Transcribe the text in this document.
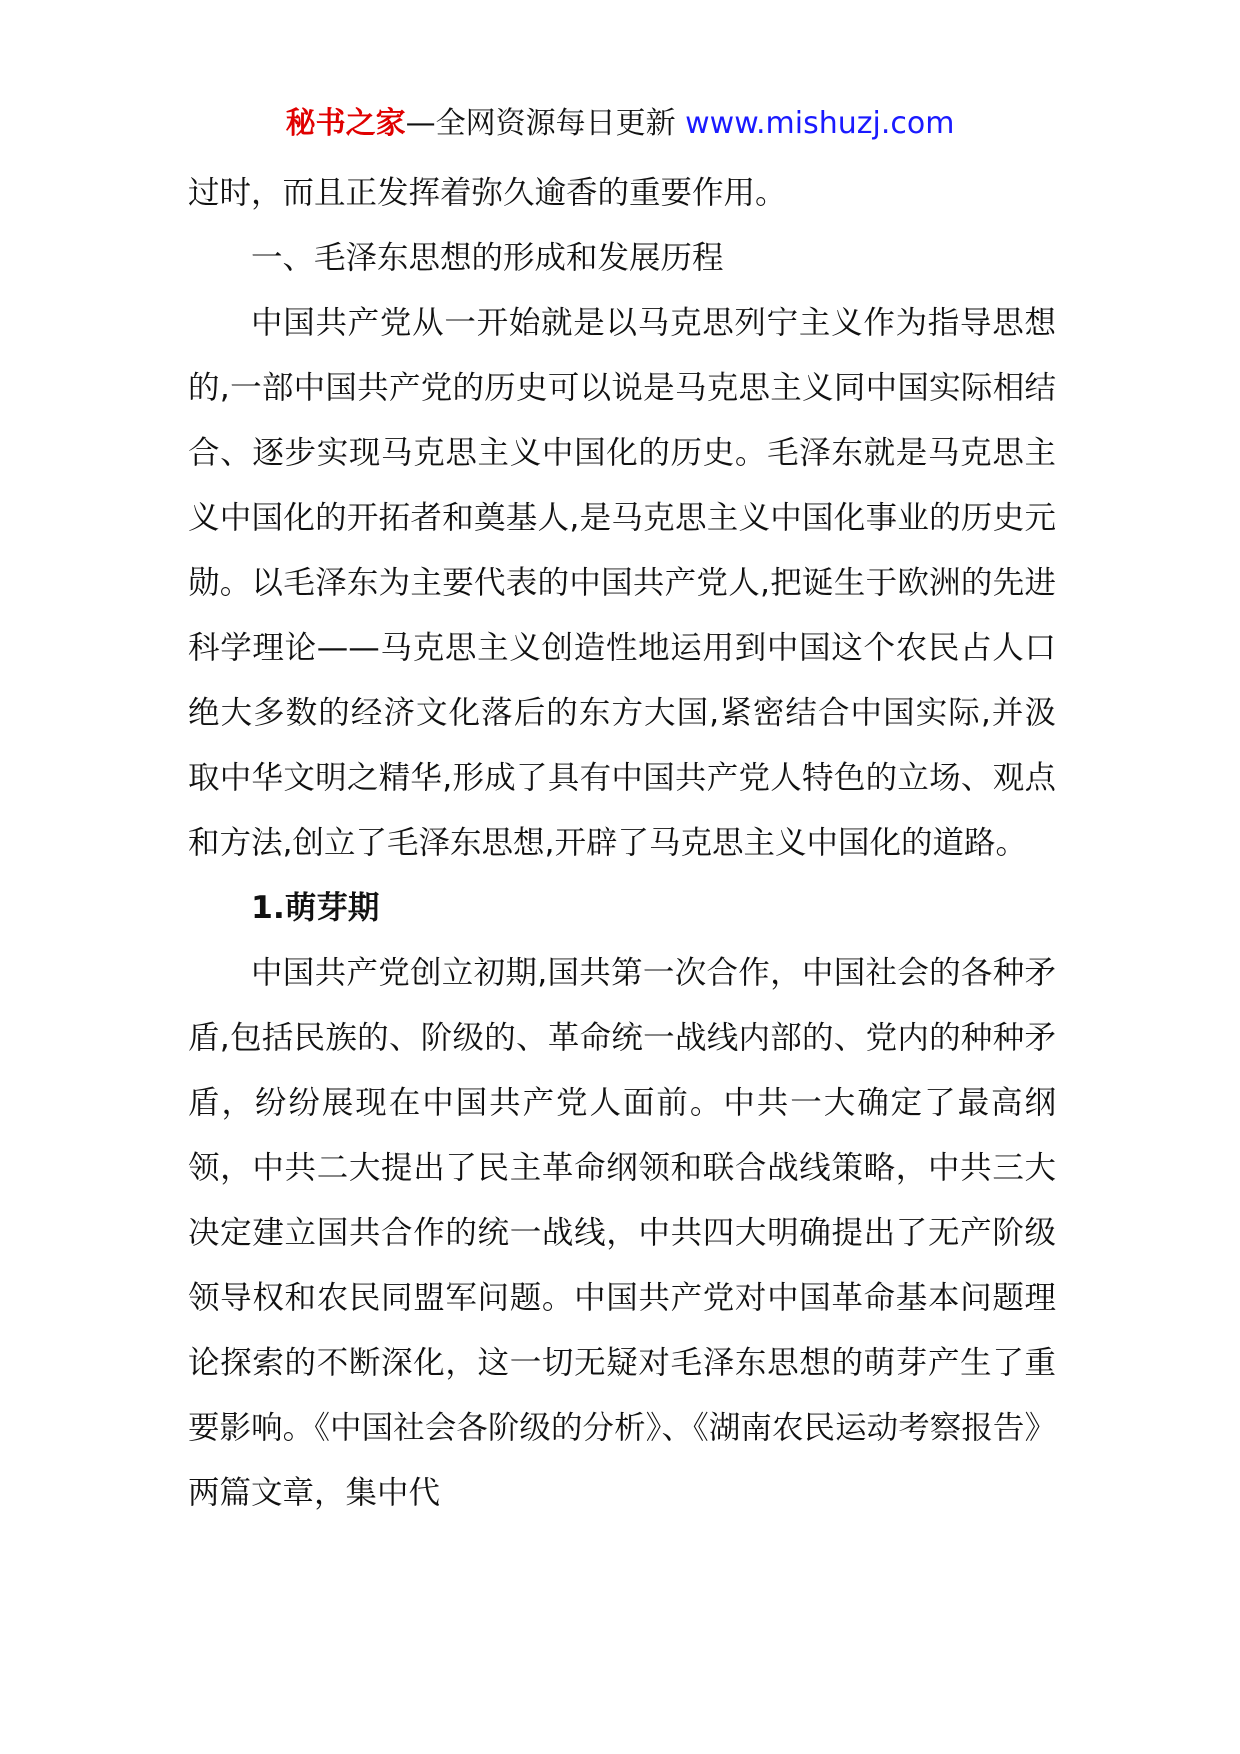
秘书之家—全网资源每日更新 www.mishuzj.com

过时，而且正发挥着弥久逾香的重要作用。

一、毛泽东思想的形成和发展历程

中国共产党从一开始就是以马克思列宁主义作为指导思想的,一部中国共产党的历史可以说是马克思主义同中国实际相结合、逐步实现马克思主义中国化的历史。毛泽东就是马克思主义中国化的开拓者和奠基人,是马克思主义中国化事业的历史元勋。以毛泽东为主要代表的中国共产党人,把诞生于欧洲的先进科学理论——马克思主义创造性地运用到中国这个农民占人口绝大多数的经济文化落后的东方大国,紧密结合中国实际,并汲取中华文明之精华,形成了具有中国共产党人特色的立场、观点和方法,创立了毛泽东思想,开辟了马克思主义中国化的道路。

1.萌芽期

中国共产党创立初期,国共第一次合作，中国社会的各种矛盾,包括民族的、阶级的、革命统一战线内部的、党内的种种矛盾，纷纷展现在中国共产党人面前。中共一大确定了最高纲领，中共二大提出了民主革命纲领和联合战线策略，中共三大决定建立国共合作的统一战线，中共四大明确提出了无产阶级领导权和农民同盟军问题。中国共产党对中国革命基本问题理论探索的不断深化，这一切无疑对毛泽东思想的萌芽产生了重要影响。《中国社会各阶级的分析》、《湖南农民运动考察报告》两篇文章，集中代
